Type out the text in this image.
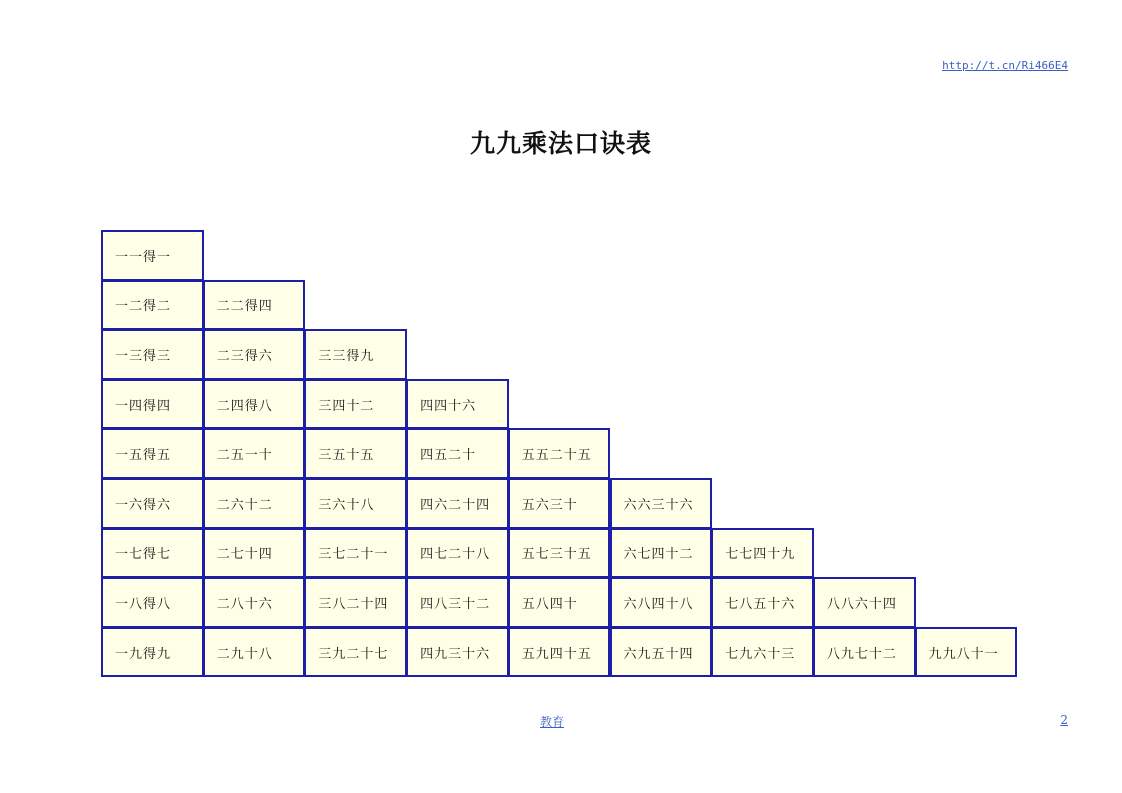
http://t.cn/Ri466E4
九九乘法口诀表
一一得一
一二得二	二二得四
一三得三	二三得六	三三得九
一四得四	二四得八	三四十二	四四十六
一五得五	二五一十	三五十五	四五二十	五五二十五
一六得六	二六十二	三六十八	四六二十四	五六三十	六六三十六
一七得七	二七十四	三七二十一	四七二十八	五七三十五	六七四十二	七七四十九
一八得八	二八十六	三八二十四	四八三十二	五八四十	六八四十八	七八五十六	八八六十四
一九得九	二九十八	三九二十七	四九三十六	五九四十五	六九五十四	七九六十三	八九七十二	九九八十一
教育	2
